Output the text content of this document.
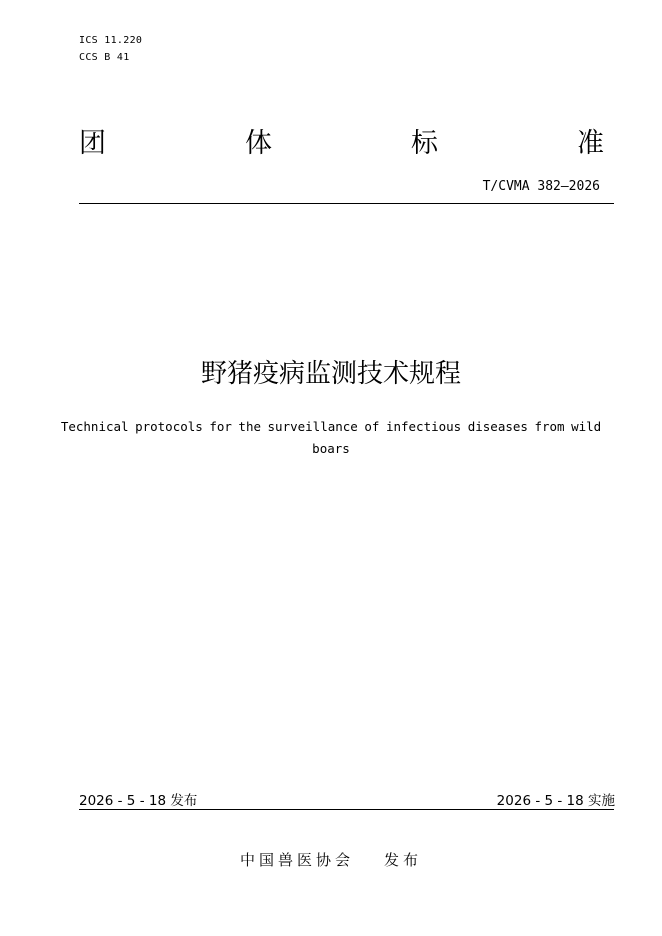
ICS 11.220
CCS B 41
团	体	标	准
T/CVMA 382—2026
野猪疫病监测技术规程
Technical protocols for the surveillance of infectious diseases from wild boars
2026 - 5 - 18 发布	2026 - 5 - 18 实施
中国兽医协会 发布
